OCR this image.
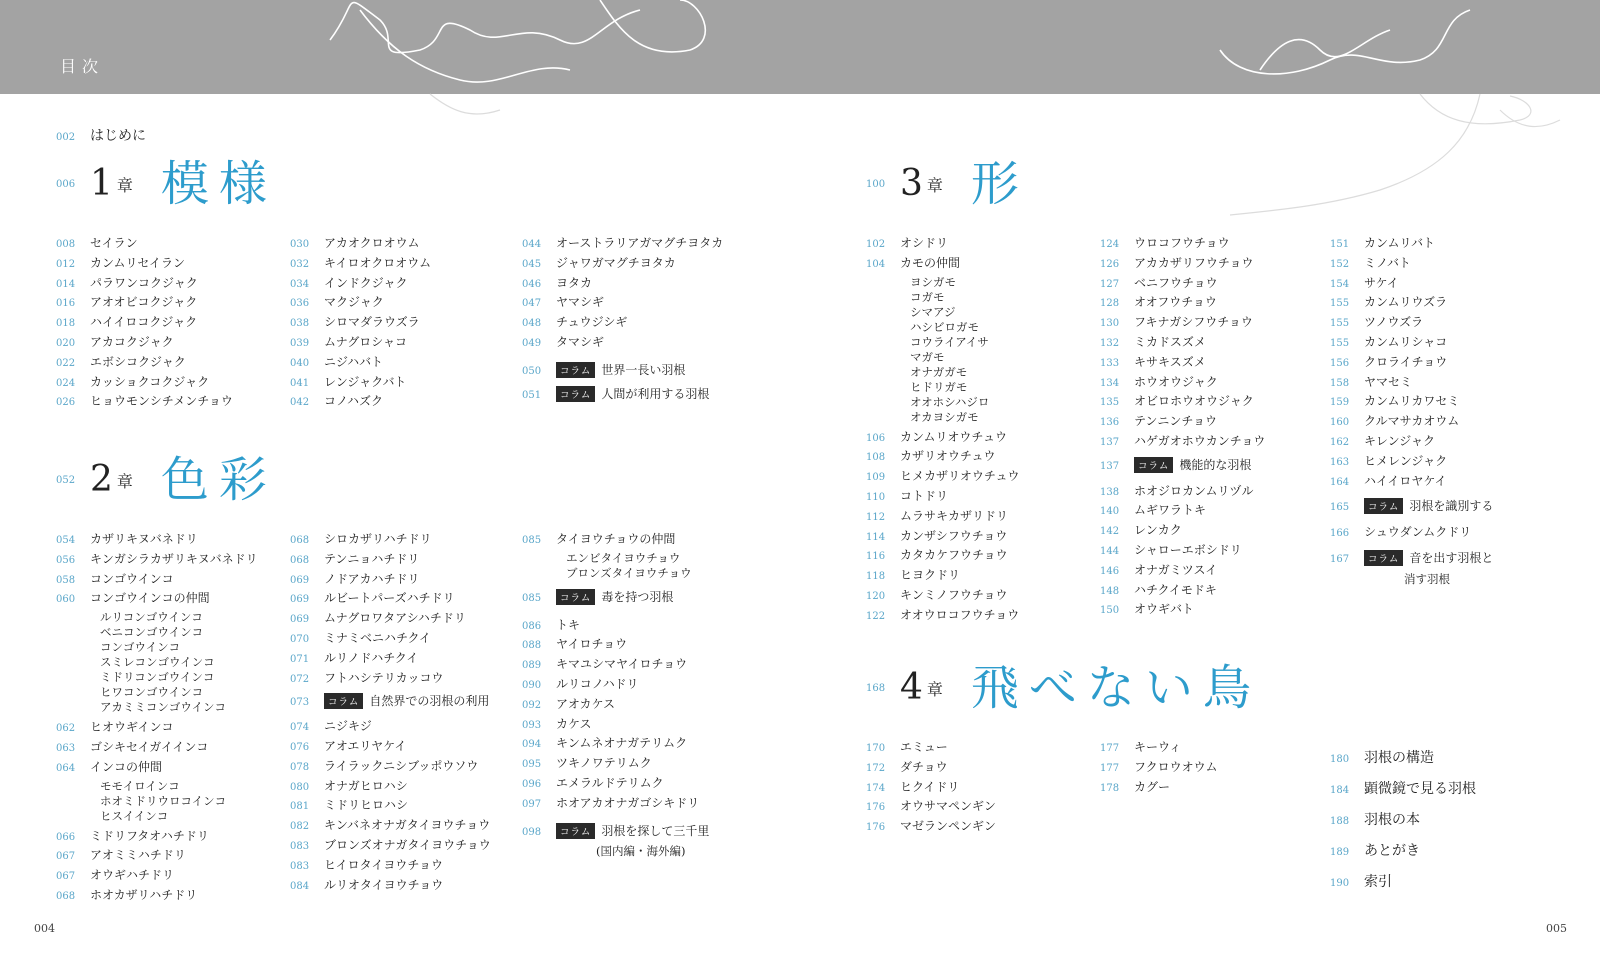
目次
002	はじめに
006 1 章 模様
052 2 章 色彩
100 3 章 形
168 4 章 飛べない鳥
008	セイラン
012	カンムリセイラン
014	パラワンコクジャク
016	アオオビコクジャク
018	ハイイロコクジャク
020	アカコクジャク
022	エボシコクジャク
024	カッショクコクジャク
026	ヒョウモンシチメンチョウ
030	アカオクロオウム
032	キイロオクロオウム
034	インドクジャク
036	マクジャク
038	シロマダラウズラ
039	ムナグロシャコ
040	ニジハバト
041	レンジャクバト
042	コノハズク
044	オーストラリアガマグチヨタカ
045	ジャワガマグチヨタカ
046	ヨタカ
047	ヤマシギ
048	チュウジシギ
049	タマシギ
050	コラム 世界一長い羽根
051	コラム 人間が利用する羽根
054	カザリキヌバネドリ
056	キンガシラカザリキヌバネドリ
058	コンゴウインコ
060	コンゴウインコの仲間
ルリコンゴウインコ
ベニコンゴウインコ
コンゴウインコ
スミレコンゴウインコ
ミドリコンゴウインコ
ヒワコンゴウインコ
アカミミコンゴウインコ
062	ヒオウギインコ
063	ゴシキセイガイインコ
064	インコの仲間
モモイロインコ
ホオミドリウロコインコ
ヒスイインコ
066	ミドリフタオハチドリ
067	アオミミハチドリ
067	オウギハチドリ
068	ホオカザリハチドリ
068	シロカザリハチドリ
068	テンニョハチドリ
069	ノドアカハチドリ
069	ルビートパーズハチドリ
069	ムナグロワタアシハチドリ
070	ミナミベニハチクイ
071	ルリノドハチクイ
072	フトハシテリカッコウ
073	コラム 自然界での羽根の利用
074	ニジキジ
076	アオエリヤケイ
078	ライラックニシブッポウソウ
080	オナガヒロハシ
081	ミドリヒロハシ
082	キンバネオナガタイヨウチョウ
083	ブロンズオナガタイヨウチョウ
083	ヒイロタイヨウチョウ
084	ルリオタイヨウチョウ
085	タイヨウチョウの仲間
エンビタイヨウチョウ
ブロンズタイヨウチョウ
085	コラム 毒を持つ羽根
086	トキ
088	ヤイロチョウ
089	キマユシマヤイロチョウ
090	ルリコノハドリ
092	アオカケス
093	カケス
094	キンムネオナガテリムク
095	ツキノワテリムク
096	エメラルドテリムク
097	ホオアカオナガゴシキドリ
098	コラム 羽根を探して三千里
(国内編・海外編)
102	オシドリ
104	カモの仲間
ヨシガモ
コガモ
シマアジ
ハシビロガモ
コウライアイサ
マガモ
オナガガモ
ヒドリガモ
オオホシハジロ
オカヨシガモ
106	カンムリオウチュウ
108	カザリオウチュウ
109	ヒメカザリオウチュウ
110	コトドリ
112	ムラサキカザリドリ
114	カンザシフウチョウ
116	カタカケフウチョウ
118	ヒヨクドリ
120	キンミノフウチョウ
122	オオウロコフウチョウ
124	ウロコフウチョウ
126	アカカザリフウチョウ
127	ベニフウチョウ
128	オオフウチョウ
130	フキナガシフウチョウ
132	ミカドスズメ
133	キサキスズメ
134	ホウオウジャク
135	オビロホウオウジャク
136	テンニンチョウ
137	ハゲガオホウカンチョウ
137	コラム 機能的な羽根
138	ホオジロカンムリヅル
140	ムギワラトキ
142	レンカク
144	シャローエボシドリ
146	オナガミツスイ
148	ハチクイモドキ
150	オウギバト
151	カンムリバト
152	ミノバト
154	サケイ
155	カンムリウズラ
155	ツノウズラ
155	カンムリシャコ
156	クロライチョウ
158	ヤマセミ
159	カンムリカワセミ
160	クルマサカオウム
162	キレンジャク
163	ヒメレンジャク
164	ハイイロヤケイ
165	コラム 羽根を識別する
166	シュウダンムクドリ
167	コラム 音を出す羽根と
消す羽根
170	エミュー
172	ダチョウ
174	ヒクイドリ
176	オウサマペンギン
176	マゼランペンギン
177	キーウィ
177	フクロウオウム
178	カグー
180	羽根の構造
184	顕微鏡で見る羽根
188	羽根の本
189	あとがき
190	索引
004	005
